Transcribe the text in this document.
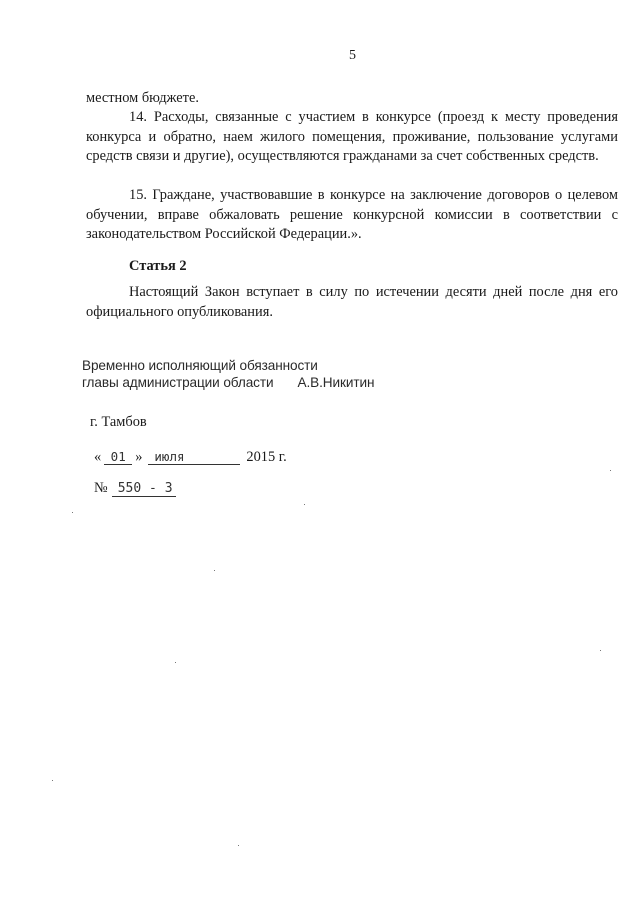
5

местном бюджете.

14. Расходы, связанные с участием в конкурсе (проезд к месту проведения конкурса и обратно, наем жилого помещения, проживание, пользование услугами средств связи и другие), осуществляются гражданами за счет собственных средств.

15. Граждане, участвовавшие в конкурсе на заключение договоров о целевом обучении, вправе обжаловать решение конкурсной комиссии в соответствии с законодательством Российской Федерации.».

Статья 2

Настоящий Закон вступает в силу по истечении десяти дней после дня его официального опубликования.

Временно исполняющий обязанности
главы администрации области А.В.Никитин
г. Тамбов
« 01 » июля	2015 г.
№ 550 - 3
